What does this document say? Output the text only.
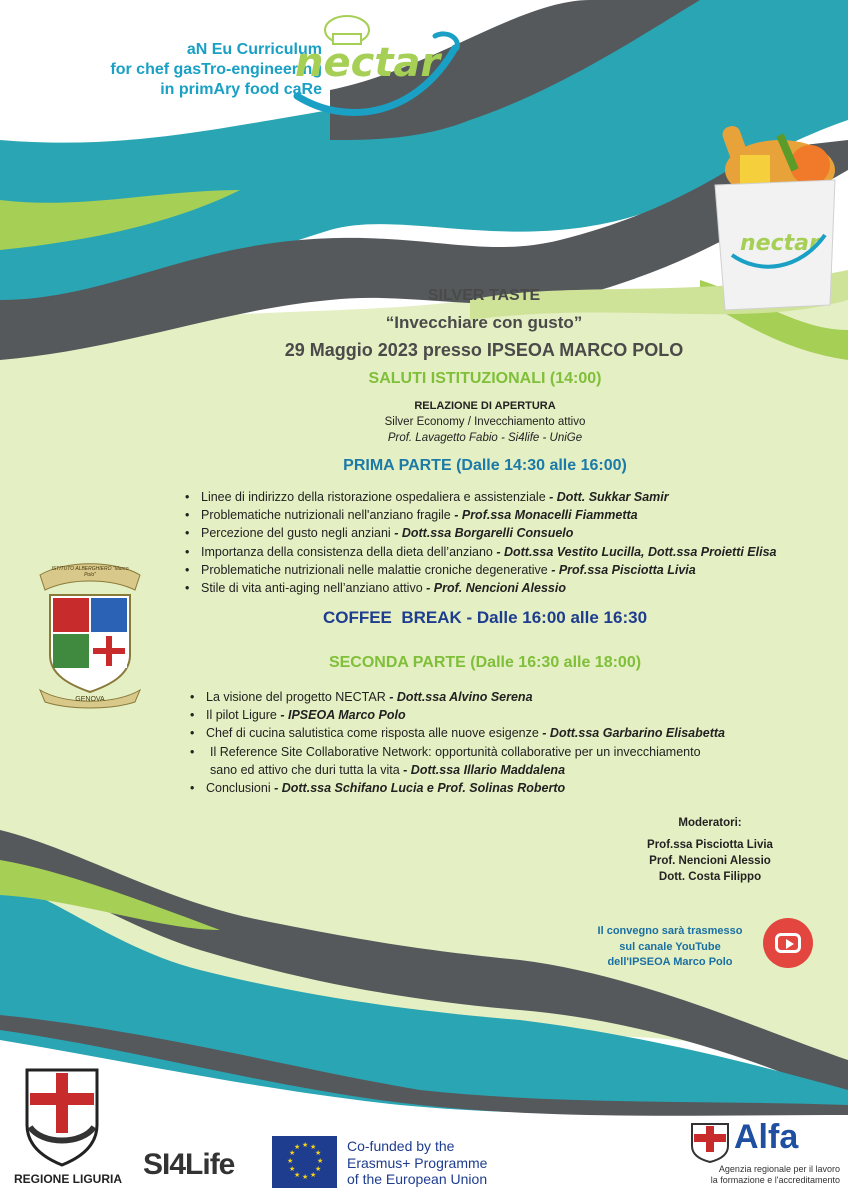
aN Eu Curriculum
for chef gasTro-engineering
in primAry food caRe
nectar
nectar
SILVER TASTE
“Invecchiare con gusto”
29 Maggio 2023 presso IPSEOA MARCO POLO
SALUTI ISTITUZIONALI (14:00)
RELAZIONE DI APERTURA
Silver Economy / Invecchiamento attivo
Prof. Lavagetto Fabio - Si4life - UniGe
PRIMA PARTE (Dalle 14:30 alle 16:00)
• Linee di indirizzo della ristorazione ospedaliera e assistenziale - Dott. Sukkar Samir
• Problematiche nutrizionali nell'anziano fragile - Prof.ssa Monacelli Fiammetta
• Percezione del gusto negli anziani - Dott.ssa Borgarelli Consuelo
• Importanza della consistenza della dieta dell’anziano - Dott.ssa Vestito Lucilla, Dott.ssa Proietti Elisa
• Problematiche nutrizionali nelle malattie croniche degenerative - Prof.ssa Pisciotta Livia
• Stile di vita anti-aging nell’anziano attivo - Prof. Nencioni Alessio
COFFEE  BREAK - Dalle 16:00 alle 16:30
ISTITUTO ALBERGHIERO "Marco Polo"
GENOVA
SECONDA PARTE (Dalle 16:30 alle 18:00)
• La visione del progetto NECTAR - Dott.ssa Alvino Serena
• Il pilot Ligure - IPSEOA Marco Polo
• Chef di cucina salutistica come risposta alle nuove esigenze - Dott.ssa Garbarino Elisabetta
• Il Reference Site Collaborative Network: opportunità collaborative per un invecchiamento
sano ed attivo che duri tutta la vita - Dott.ssa Illario Maddalena
• Conclusioni - Dott.ssa Schifano Lucia e Prof. Solinas Roberto
Moderatori:
Prof.ssa Pisciotta Livia
Prof. Nencioni Alessio
Dott. Costa Filippo
Il convegno sarà trasmesso
sul canale YouTube
dell'IPSEOA Marco Polo
REGIONE LIGURIA SI4Life
★ ★
★
★
★
★
★
★
★
★
★
★	Co-funded by the
Erasmus+ Programme
of the European Union
Alfa
Agenzia regionale per il lavoro
la formazione e l'accreditamento
